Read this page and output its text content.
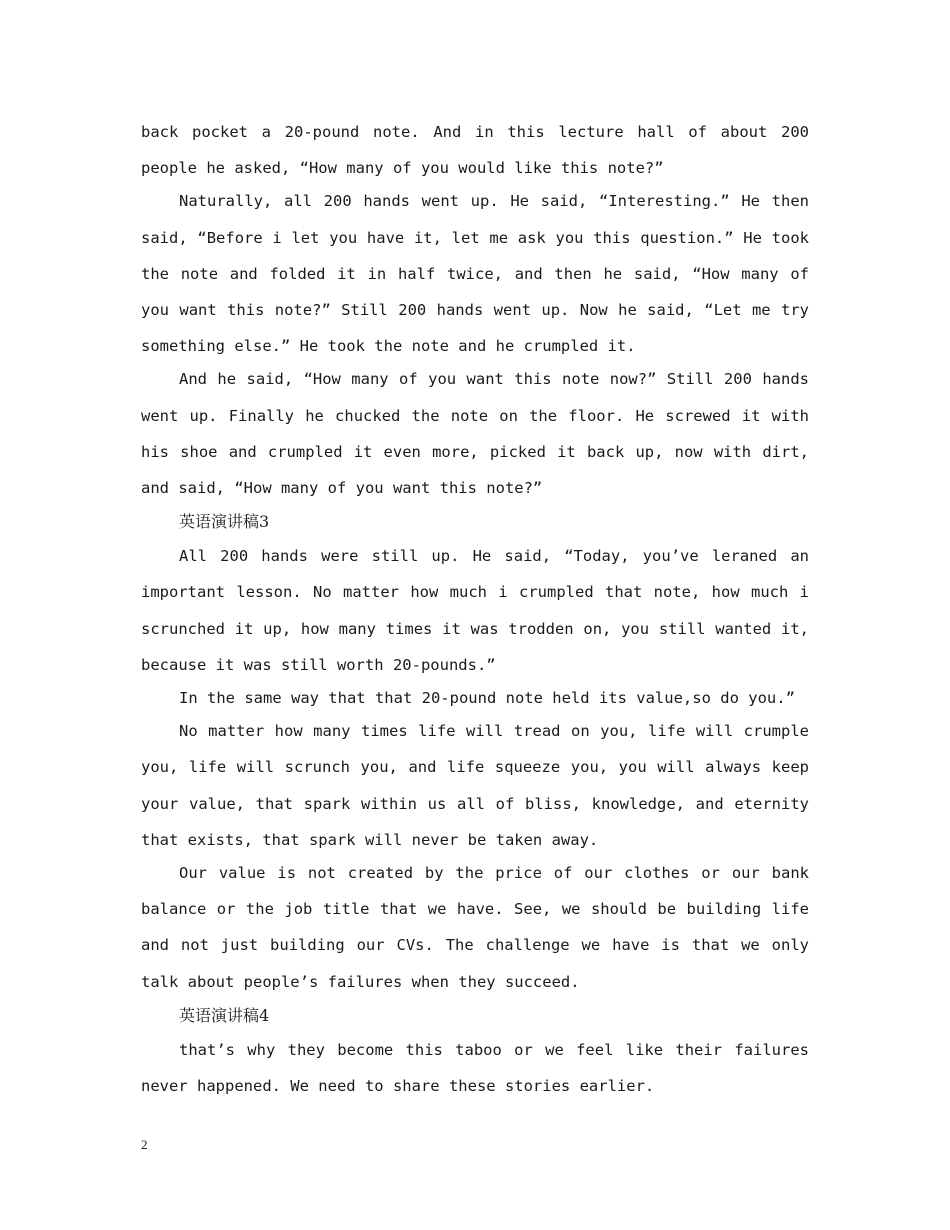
back pocket a 20-pound note. And in this lecture hall of about 200 people he asked, “How many of you would like this note?”

Naturally, all 200 hands went up. He said, “Interesting.” He then said, “Before i let you have it, let me ask you this question.” He took the note and folded it in half twice, and then he said, “How many of you want this note?” Still 200 hands went up. Now he said, “Let me try something else.” He took the note and he crumpled it.

And he said, “How many of you want this note now?” Still 200 hands went up. Finally he chucked the note on the floor. He screwed it with his shoe and crumpled it even more, picked it back up, now with dirt, and said, “How many of you want this note?”

英语演讲稿3

All 200 hands were still up. He said, “Today, you’ve leraned an important lesson. No matter how much i crumpled that note, how much i scrunched it up, how many times it was trodden on, you still wanted it, because it was still worth 20-pounds.”

In the same way that that 20-pound note held its value,so do you.”

No matter how many times life will tread on you, life will crumple you, life will scrunch you, and life squeeze you, you will always keep your value, that spark within us all of bliss, knowledge, and eternity that exists, that spark will never be taken away.

Our value is not created by the price of our clothes or our bank balance or the job title that we have. See, we should be building life and not just building our CVs. The challenge we have is that we only talk about people’s failures when they succeed.

英语演讲稿4

that’s why they become this taboo or we feel like their failures never happened. We need to share these stories earlier.

2
